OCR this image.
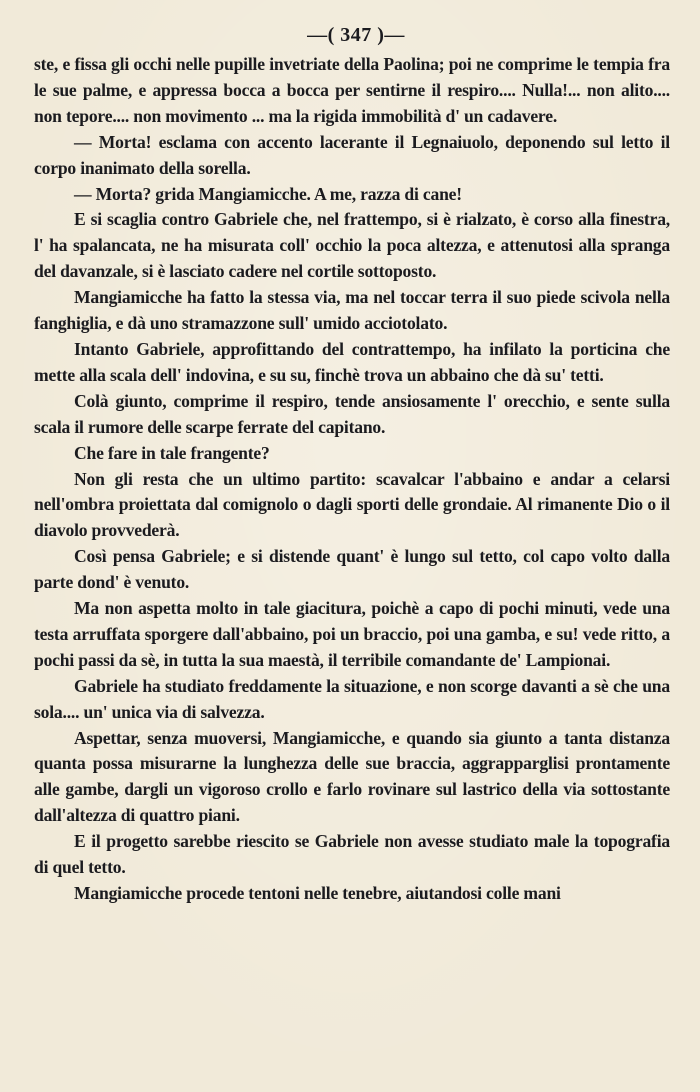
—( 347 )—

ste, e fissa gli occhi nelle pupille invetriate della Paolina; poi ne comprime le tempia fra le sue palme, e appressa bocca a bocca per sentirne il respiro.... Nulla!... non alito.... non tepore.... non movimento ... ma la rigida immobilità d' un cadavere.

— Morta! esclama con accento lacerante il Legnaiuolo, deponendo sul letto il corpo inanimato della sorella.

— Morta? grida Mangiamicche. A me, razza di cane!

E si scaglia contro Gabriele che, nel frattempo, si è rialzato, è corso alla finestra, l' ha spalancata, ne ha misurata coll' occhio la poca altezza, e attenutosi alla spranga del davanzale, si è lasciato cadere nel cortile sottoposto.

Mangiamicche ha fatto la stessa via, ma nel toccar terra il suo piede scivola nella fanghiglia, e dà uno stramazzone sull' umido acciotolato.

Intanto Gabriele, approfittando del contrattempo, ha infilato la porticina che mette alla scala dell' indovina, e su su, finchè trova un abbaino che dà su' tetti.

Colà giunto, comprime il respiro, tende ansiosamente l' orecchio, e sente sulla scala il rumore delle scarpe ferrate del capitano.

Che fare in tale frangente?

Non gli resta che un ultimo partito: scavalcar l'abbaino e andar a celarsi nell'ombra proiettata dal comignolo o dagli sporti delle grondaie. Al rimanente Dio o il diavolo provvederà.

Così pensa Gabriele; e si distende quant' è lungo sul tetto, col capo volto dalla parte dond' è venuto.

Ma non aspetta molto in tale giacitura, poichè a capo di pochi minuti, vede una testa arruffata sporgere dall'abbaino, poi un braccio, poi una gamba, e su! vede ritto, a pochi passi da sè, in tutta la sua maestà, il terribile comandante de' Lampionai.

Gabriele ha studiato freddamente la situazione, e non scorge davanti a sè che una sola.... un' unica via di salvezza.

Aspettar, senza muoversi, Mangiamicche, e quando sia giunto a tanta distanza quanta possa misurarne la lunghezza delle sue braccia, aggrapparglisi prontamente alle gambe, dargli un vigoroso crollo e farlo rovinare sul lastrico della via sottostante dall'altezza di quattro piani.

E il progetto sarebbe riescito se Gabriele non avesse studiato male la topografia di quel tetto.

Mangiamicche procede tentoni nelle tenebre, aiutandosi colle mani
